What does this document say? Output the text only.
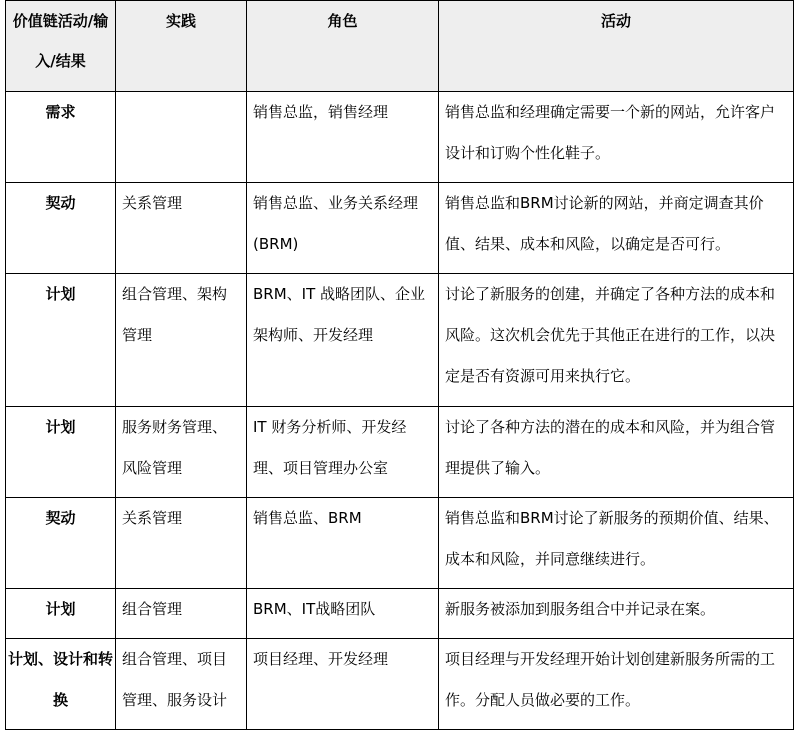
价值链活动/输入/结果	实践	角色	活动
需求		销售总监，销售经理	销售总监和经理确定需要一个新的网站，允许客户设计和订购个性化鞋子。
契动	关系管理	销售总监、业务关系经理 (BRM)	销售总监和BRM讨论新的网站，并商定调查其价值、结果、成本和风险，以确定是否可行。
计划	组合管理、架构管理	BRM、IT 战略团队、企业架构师、开发经理	讨论了新服务的创建，并确定了各种方法的成本和风险。这次机会优先于其他正在进行的工作，以决定是否有资源可用来执行它。
计划	服务财务管理、风险管理	IT 财务分析师、开发经理、项目管理办公室	讨论了各种方法的潜在的成本和风险，并为组合管理提供了输入。
契动	关系管理	销售总监、BRM	销售总监和BRM讨论了新服务的预期价值、结果、成本和风险，并同意继续进行。
计划	组合管理	BRM、IT战略团队	新服务被添加到服务组合中并记录在案。
计划、设计和转换	组合管理、项目管理、服务设计	项目经理、开发经理	项目经理与开发经理开始计划创建新服务所需的工作。分配人员做必要的工作。
